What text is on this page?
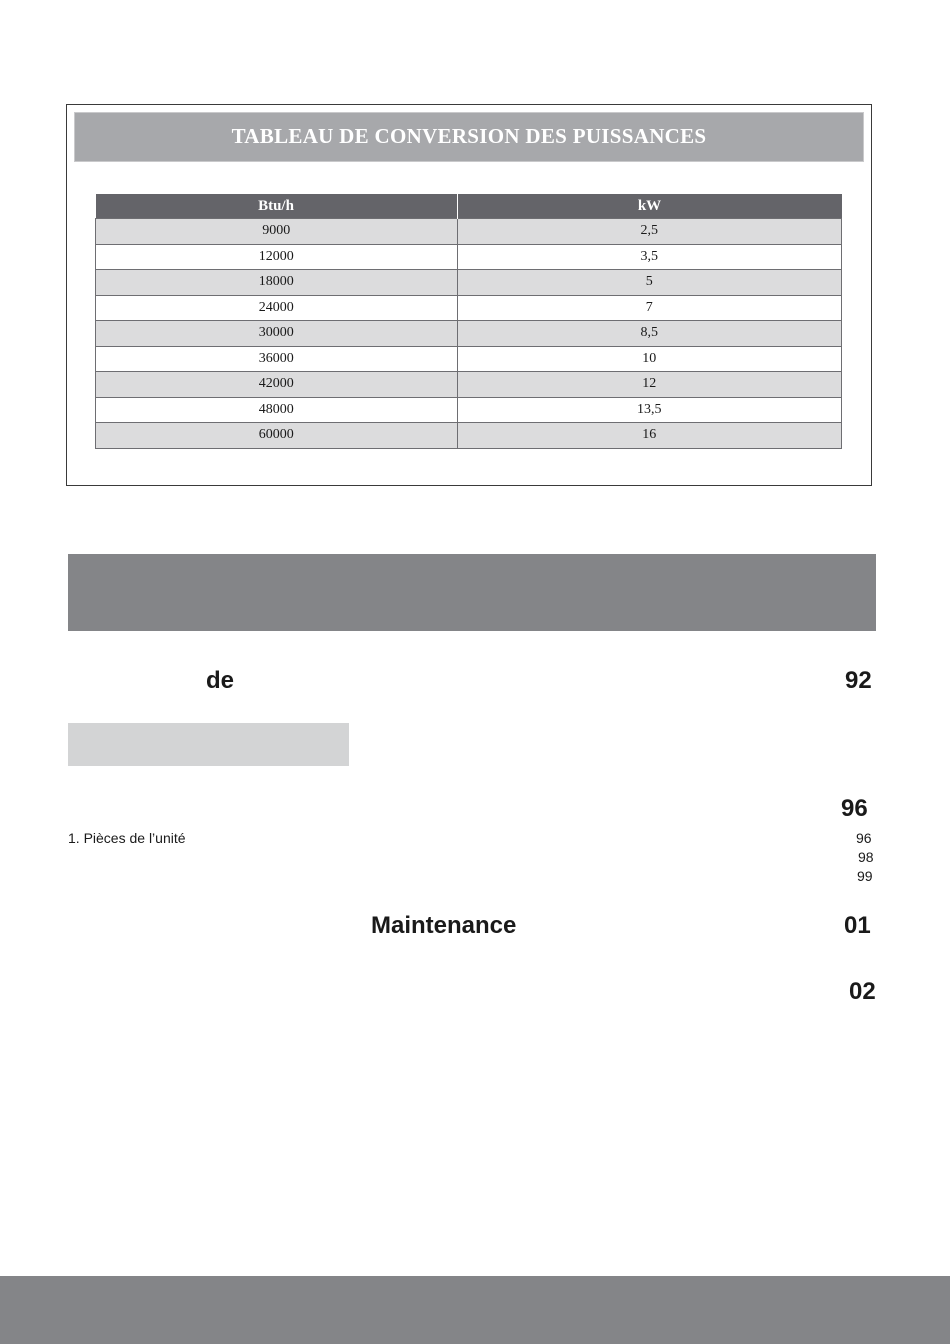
TABLEAU DE CONVERSION DES PUISSANCES
Btu/h	kW
9000	2,5
12000	3,5
18000	5
24000	7
30000	8,5
36000	10
42000	12
48000	13,5
60000	16
de	92
96
1. Pièces de l’unité	96
98
99
Maintenance	01
02
